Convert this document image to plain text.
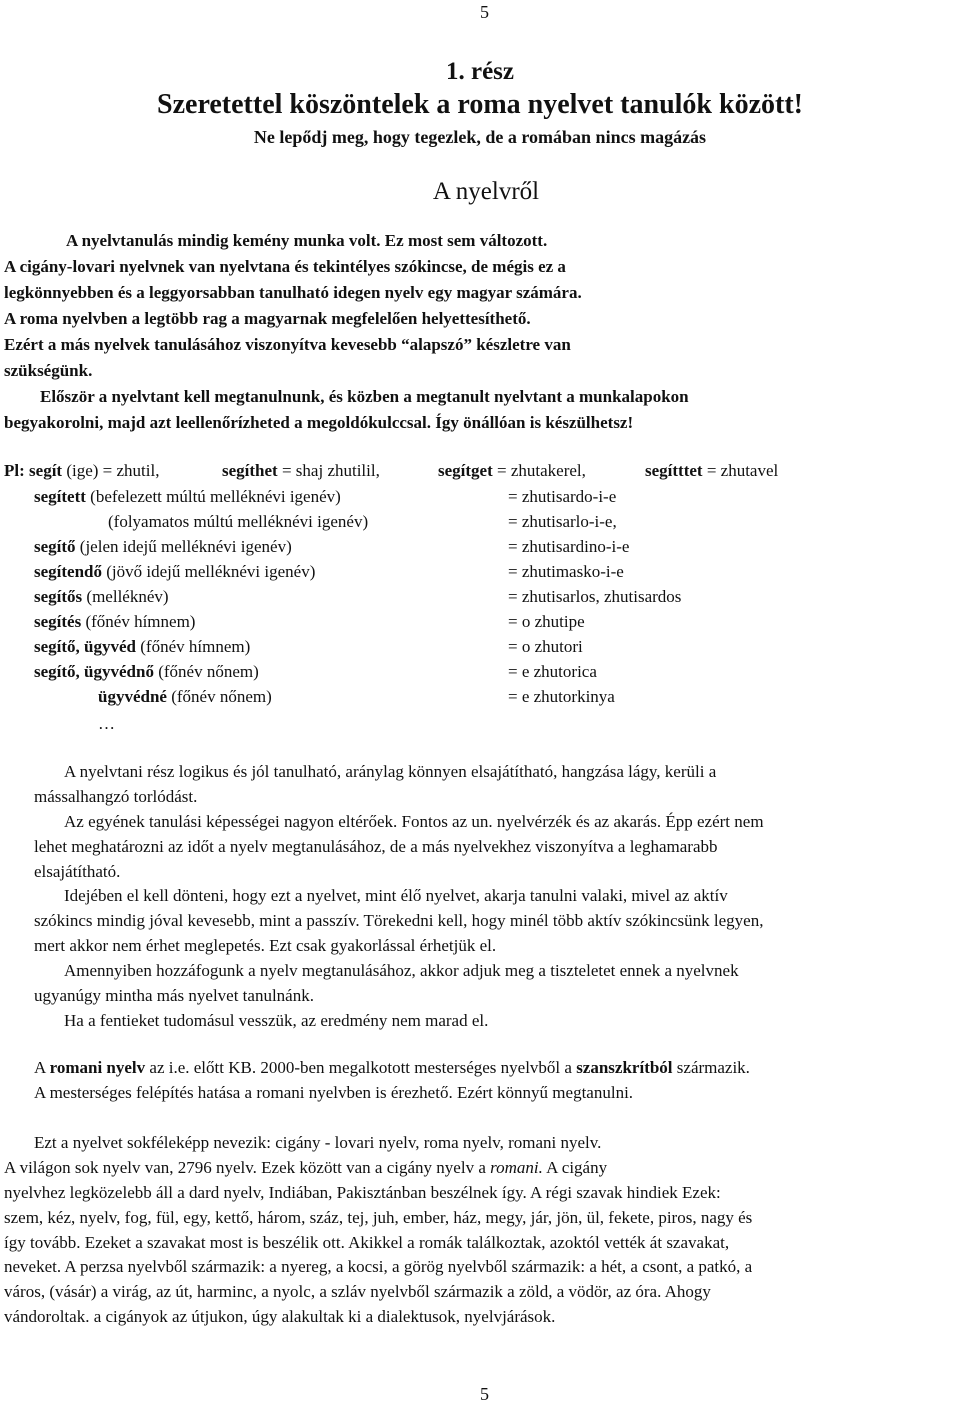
5
1. rész
Szeretettel köszöntelek a roma nyelvet tanulók között!
Ne lepődj meg, hogy tegezlek, de a romában nincs magázás
A nyelvről
A nyelvtanulás mindig kemény munka volt. Ez most sem változott.
A cigány-lovari nyelvnek van nyelvtana és tekintélyes szókincse, de mégis ez a
legkönnyebben és a leggyorsabban tanulható idegen nyelv egy magyar számára.
A roma nyelvben a legtöbb rag a magyarnak megfelelően helyettesíthető.
Ezért a más nyelvek tanulásához viszonyítva kevesebb “alapszó” készletre van
szükségünk.
Először a nyelvtant kell megtanulnunk, és közben a megtanult nyelvtant a munkalapokon
begyakorolni, majd azt leellenőrízheted a megoldókulccsal. Így önállóan is készülhetsz!
Pl: segít (ige) = zhutil,	segíthet = shaj zhutilil,	segítget = zhutakerel,	segítttet = zhutavel
segített (befelezett múltú melléknévi igenév)	= zhutisardo-i-e
(folyamatos múltú melléknévi igenév)	= zhutisarlo-i-e,
segítő (jelen idejű melléknévi igenév)	= zhutisardino-i-e
segítendő (jövő idejű melléknévi igenév)	= zhutimasko-i-e
segítős (melléknév)	= zhutisarlos, zhutisardos
segítés (főnév hímnem)	= o zhutipe
segítő, ügyvéd (főnév hímnem)	= o zhutori
segítő, ügyvédnő (főnév nőnem)	= e zhutorica
ügyvédné (főnév nőnem)	= e zhutorkinya
…
A nyelvtani rész logikus és jól tanulható, aránylag könnyen elsajátítható, hangzása lágy, kerüli a
mássalhangzó torlódást.
Az egyének tanulási képességei nagyon eltérőek. Fontos az un. nyelvérzék és az akarás. Épp ezért nem
lehet meghatározni az időt a nyelv megtanulásához, de a más nyelvekhez viszonyítva a leghamarabb
elsajátítható.
Idejében el kell dönteni, hogy ezt a nyelvet, mint élő nyelvet, akarja tanulni valaki, mivel az aktív
szókincs mindig jóval kevesebb, mint a passzív. Törekedni kell, hogy minél több aktív szókincsünk legyen,
mert akkor nem érhet meglepetés. Ezt csak gyakorlással érhetjük el.
Amennyiben hozzáfogunk a nyelv megtanulásához, akkor adjuk meg a tiszteletet ennek a nyelvnek
ugyanúgy mintha más nyelvet tanulnánk.
Ha a fentieket tudomásul vesszük, az eredmény nem marad el.
A romani nyelv az i.e. előtt KB. 2000-ben megalkotott mesterséges nyelvből a szanszkrítból származik.
A mesterséges felépítés hatása a romani nyelvben is érezhető. Ezért könnyű megtanulni.
Ezt a nyelvet sokféleképp nevezik: cigány - lovari nyelv, roma nyelv, romani nyelv.
A világon sok nyelv van, 2796 nyelv. Ezek között van a cigány nyelv a romani. A cigány
nyelvhez legközelebb áll a dard nyelv, Indiában, Pakisztánban beszélnek így. A régi szavak hindiek Ezek:
szem, kéz, nyelv, fog, fül, egy, kettő, három, száz, tej, juh, ember, ház, megy, jár, jön, ül, fekete, piros, nagy és
így tovább. Ezeket a szavakat most is beszélik ott. Akikkel a romák találkoztak, azoktól vették át szavakat,
neveket. A perzsa nyelvből származik: a nyereg, a kocsi, a görög nyelvből származik: a hét, a csont, a patkó, a
város, (vásár) a virág, az út, harminc, a nyolc, a szláv nyelvből származik a zöld, a vödör, az óra. Ahogy
vándoroltak. a cigányok az útjukon, úgy alakultak ki a dialektusok, nyelvjárások.
5
